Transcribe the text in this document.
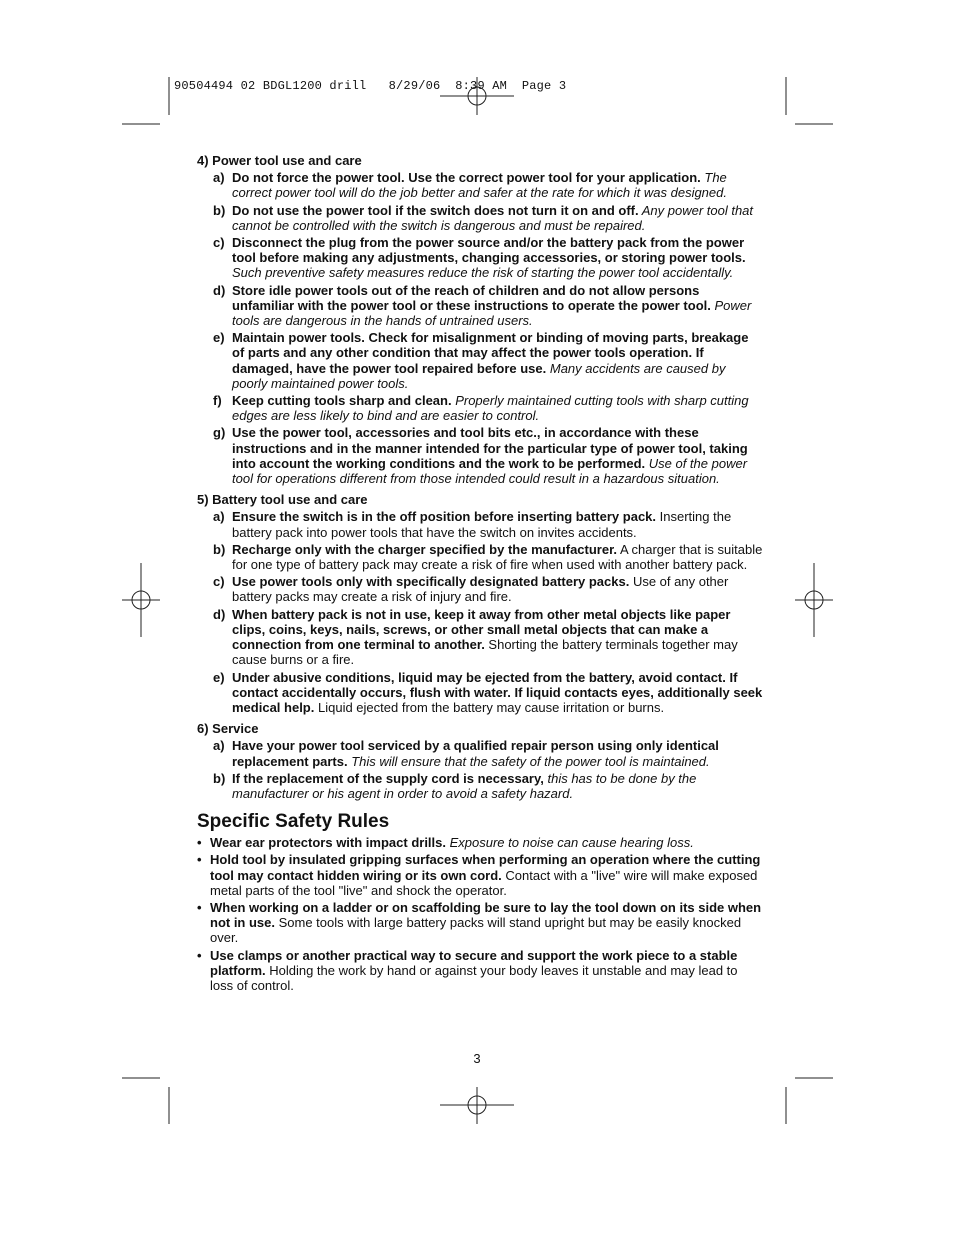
90504494 02 BDGL1200 drill   8/29/06  8:39 AM  Page 3
4) Power tool use and care
a) Do not force the power tool. Use the correct power tool for your application. The correct power tool will do the job better and safer at the rate for which it was designed.
b) Do not use the power tool if the switch does not turn it on and off. Any power tool that cannot be controlled with the switch is dangerous and must be repaired.
c) Disconnect the plug from the power source and/or the battery pack from the power tool before making any adjustments, changing accessories, or storing power tools. Such preventive safety measures reduce the risk of starting the power tool accidentally.
d) Store idle power tools out of the reach of children and do not allow persons unfamiliar with the power tool or these instructions to operate the power tool. Power tools are dangerous in the hands of untrained users.
e) Maintain power tools. Check for misalignment or binding of moving parts, breakage of parts and any other condition that may affect the power tools operation. If damaged, have the power tool repaired before use. Many accidents are caused by poorly maintained power tools.
f) Keep cutting tools sharp and clean. Properly maintained cutting tools with sharp cutting edges are less likely to bind and are easier to control.
g) Use the power tool, accessories and tool bits etc., in accordance with these instructions and in the manner intended for the particular type of power tool, taking into account the working conditions and the work to be performed. Use of the power tool for operations different from those intended could result in a hazardous situation.
5) Battery tool use and care
a) Ensure the switch is in the off position before inserting battery pack. Inserting the battery pack into power tools that have the switch on invites accidents.
b) Recharge only with the charger specified by the manufacturer. A charger that is suitable for one type of battery pack may create a risk of fire when used with another battery pack.
c) Use power tools only with specifically designated battery packs. Use of any other battery packs may create a risk of injury and fire.
d) When battery pack is not in use, keep it away from other metal objects like paper clips, coins, keys, nails, screws, or other small metal objects that can make a connection from one terminal to another. Shorting the battery terminals together may cause burns or a fire.
e) Under abusive conditions, liquid may be ejected from the battery, avoid contact. If contact accidentally occurs, flush with water. If liquid contacts eyes, additionally seek medical help. Liquid ejected from the battery may cause irritation or burns.
6) Service
a) Have your power tool serviced by a qualified repair person using only identical replacement parts. This will ensure that the safety of the power tool is maintained.
b) If the replacement of the supply cord is necessary, this has to be done by the manufacturer or his agent in order to avoid a safety hazard.
Specific Safety Rules
• Wear ear protectors with impact drills. Exposure to noise can cause hearing loss.
• Hold tool by insulated gripping surfaces when performing an operation where the cutting tool may contact hidden wiring or its own cord. Contact with a "live" wire will make exposed metal parts of the tool "live" and shock the operator.
• When working on a ladder or on scaffolding be sure to lay the tool down on its side when not in use. Some tools with large battery packs will stand upright but may be easily knocked over.
• Use clamps or another practical way to secure and support the work piece to a stable platform. Holding the work by hand or against your body leaves it unstable and may lead to loss of control.
3
